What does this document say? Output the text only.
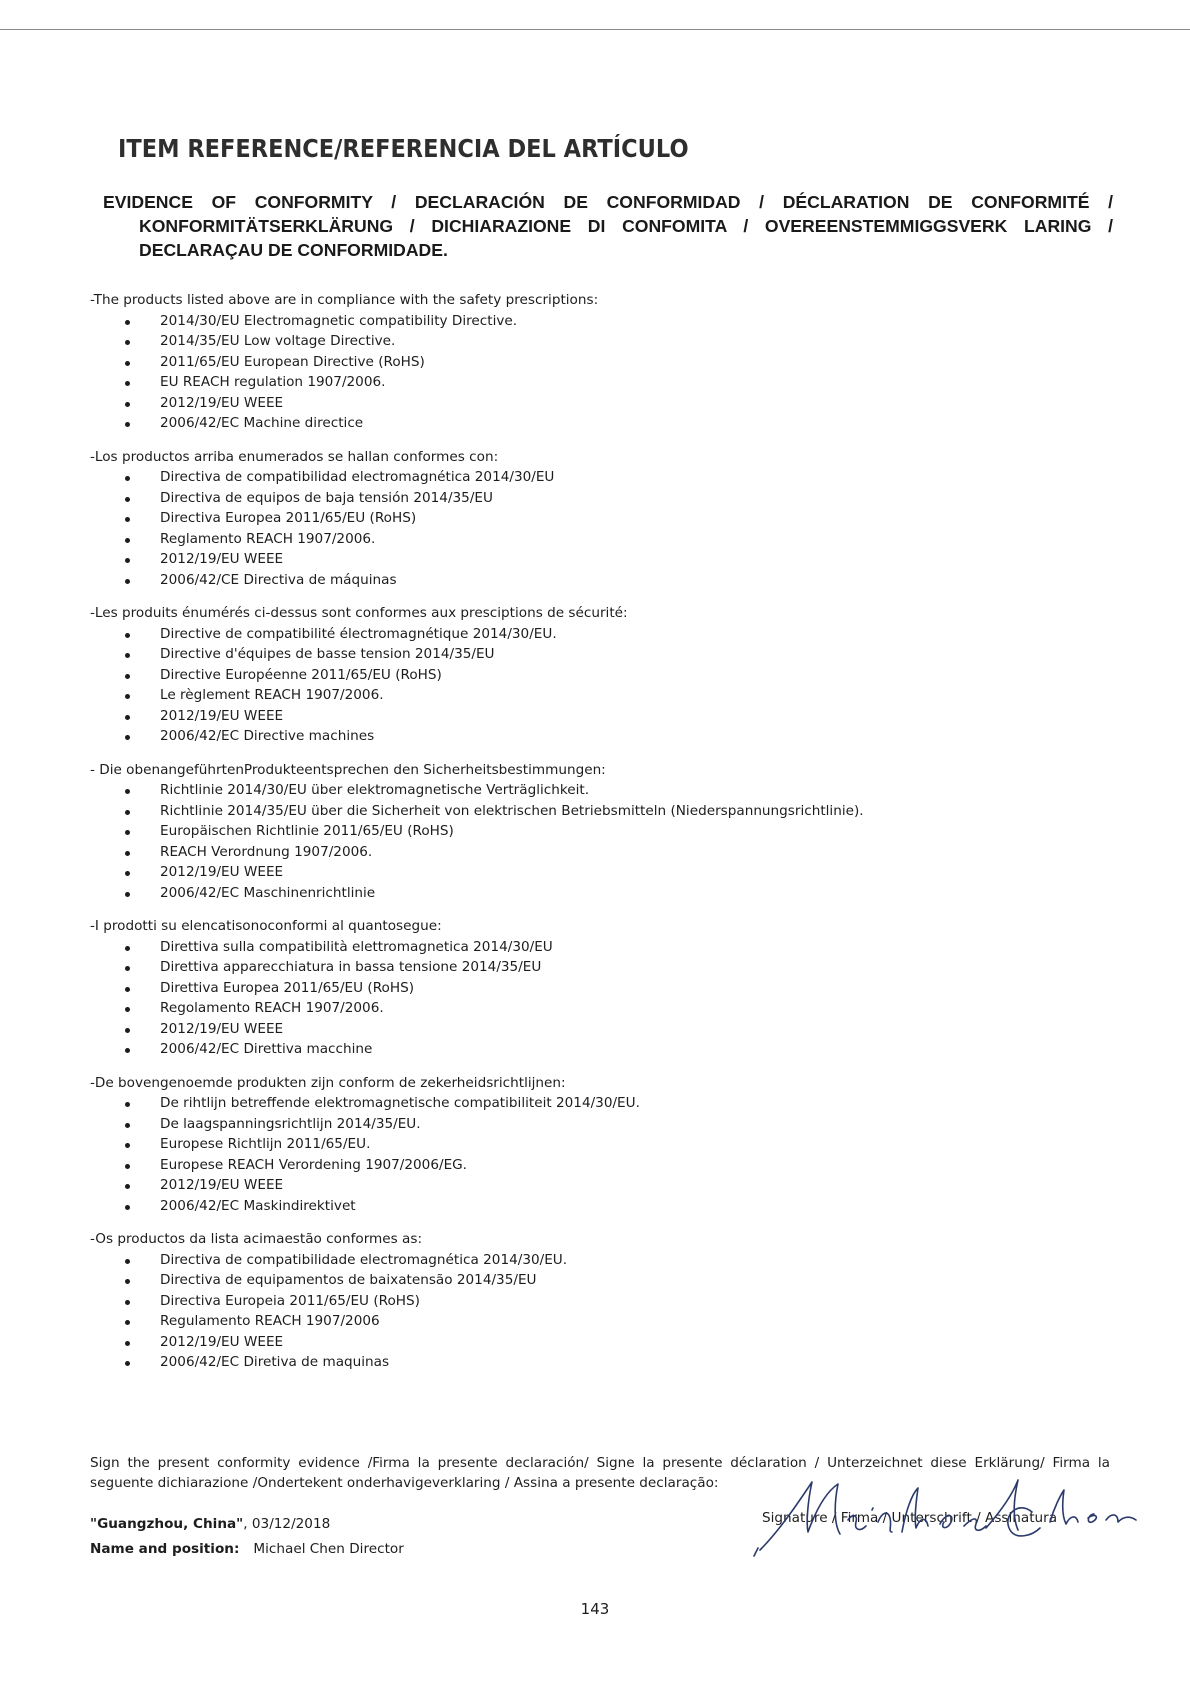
ITEM REFERENCE/REFERENCIA DEL ARTÍCULO
EVIDENCE OF CONFORMITY / DECLARACIÓN DE CONFORMIDAD / DÉCLARATION DE CONFORMITÉ /
KONFORMITÄTSERKLÄRUNG / DICHIARAZIONE DI CONFOMITA / OVEREENSTEMMIGGSVERK LARING /
DECLARAÇAU DE CONFORMIDADE.

-The products listed above are in compliance with the safety prescriptions:

2014/30/EU Electromagnetic compatibility Directive.
2014/35/EU Low voltage Directive.
2011/65/EU European Directive (RoHS)
EU REACH regulation 1907/2006.
2012/19/EU WEEE
2006/42/EC Machine directice

-Los productos arriba enumerados se hallan conformes con:

Directiva de compatibilidad electromagnética 2014/30/EU
Directiva de equipos de baja tensión 2014/35/EU
Directiva Europea 2011/65/EU (RoHS)
Reglamento REACH 1907/2006.
2012/19/EU WEEE
2006/42/CE Directiva de máquinas

-Les produits énumérés ci-dessus sont conformes aux presciptions de sécurité:

Directive de compatibilité électromagnétique 2014/30/EU.
Directive d'équipes de basse tension 2014/35/EU
Directive Européenne 2011/65/EU (RoHS)
Le règlement REACH 1907/2006.
2012/19/EU WEEE
2006/42/EC Directive machines

- Die obenangeführtenProdukteentsprechen den Sicherheitsbestimmungen:

Richtlinie 2014/30/EU über elektromagnetische Verträglichkeit.
Richtlinie 2014/35/EU über die Sicherheit von elektrischen Betriebsmitteln (Niederspannungsrichtlinie).
Europäischen Richtlinie 2011/65/EU (RoHS)
REACH Verordnung 1907/2006.
2012/19/EU WEEE
2006/42/EC Maschinenrichtlinie

-I prodotti su elencatisonoconformi al quantosegue:

Direttiva sulla compatibilità elettromagnetica 2014/30/EU
Direttiva apparecchiatura in bassa tensione 2014/35/EU
Direttiva Europea 2011/65/EU (RoHS)
Regolamento REACH 1907/2006.
2012/19/EU WEEE
2006/42/EC Direttiva macchine

-De bovengenoemde produkten zijn conform de zekerheidsrichtlijnen:

De rihtlijn betreffende elektromagnetische compatibiliteit 2014/30/EU.
De laagspanningsrichtlijn 2014/35/EU.
Europese Richtlijn 2011/65/EU.
Europese REACH Verordening 1907/2006/EG.
2012/19/EU WEEE
2006/42/EC Maskindirektivet

-Os productos da lista acimaestão conformes as:

Directiva de compatibilidade electromagnética 2014/30/EU.
Directiva de equipamentos de baixatensão 2014/35/EU
Directiva Europeia 2011/65/EU (RoHS)
Regulamento REACH 1907/2006
2012/19/EU WEEE
2006/42/EC Diretiva de maquinas

Sign the present conformity evidence /Firma la presente declaración/ Signe la presente déclaration / Unterzeichnet diese Erklärung/ Firma la seguente dichiarazione /Ondertekent onderhavigeverklaring / Assina a presente declaração:

"Guangzhou, China", 03/12/2018
Name and position: Michael Chen Director
Signature / Firma / Unterschrift / Assinatura
143
